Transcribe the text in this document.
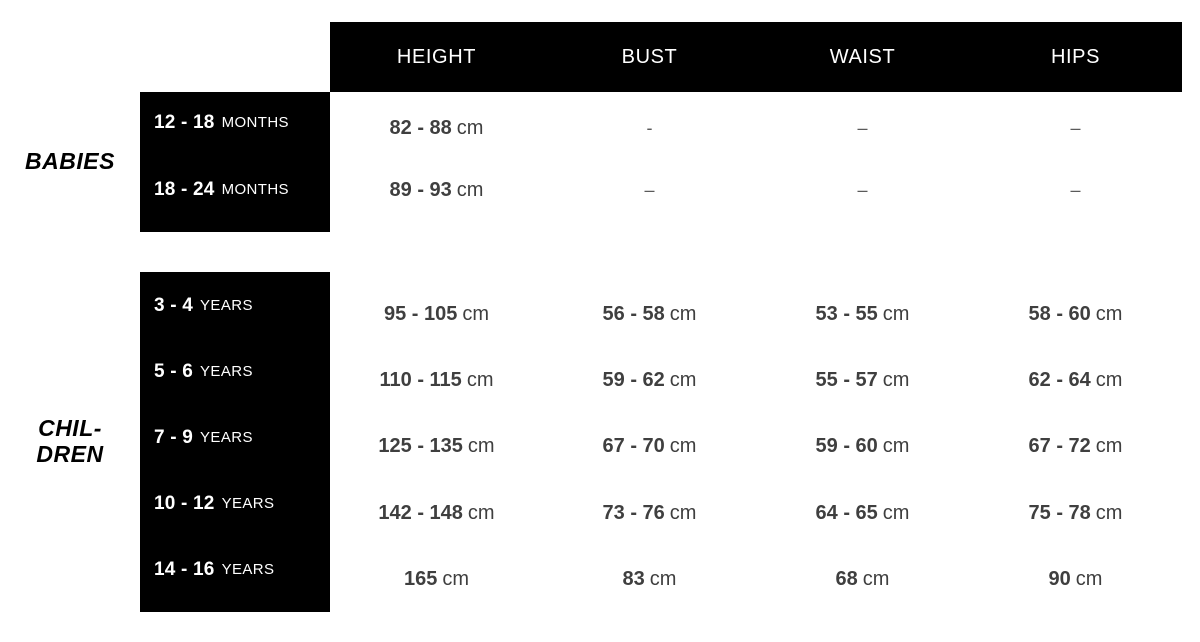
HEIGHT	BUST	WAIST	HIPS
BABIES
12 - 18 MONTHS	82 - 88 cm	-	–	–
18 - 24 MONTHS	89 - 93 cm	–	–	–
CHIL-
DREN
3 - 4 YEARS	95 - 105 cm	56 - 58 cm	53 - 55 cm	58 - 60 cm
5 - 6 YEARS	110 - 115 cm	59 - 62 cm	55 - 57 cm	62 - 64 cm
7 - 9 YEARS	125 - 135 cm	67 - 70 cm	59 - 60 cm	67 - 72 cm
10 - 12 YEARS	142 - 148 cm	73 - 76 cm	64 - 65 cm	75 - 78 cm
14 - 16 YEARS	165 cm	83 cm	68 cm	90 cm
